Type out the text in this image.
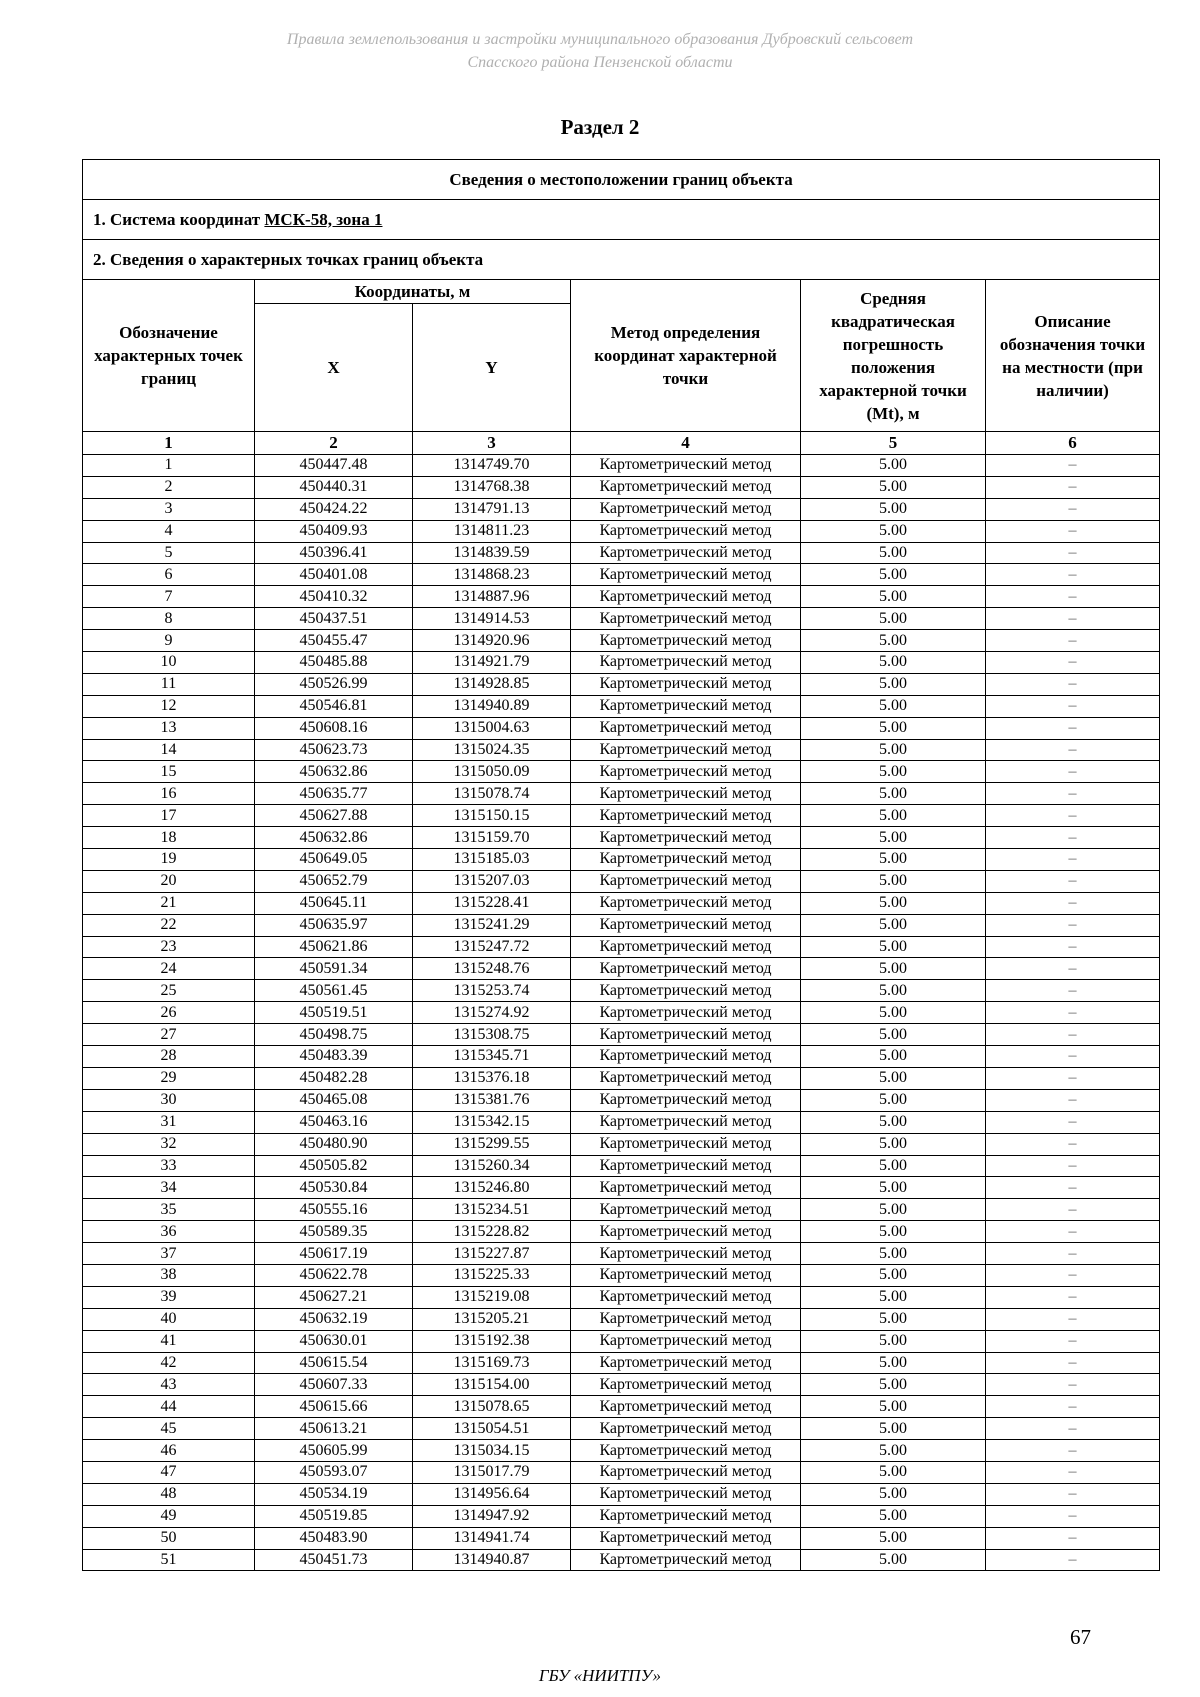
Правила землепользования и застройки муниципального образования Дубровский сельсовет
Спасского района Пензенской области
Раздел 2
Сведения о местоположении границ объекта					
1. Система координат МСК-58, зона 1					
2. Сведения о характерных точках границ объекта					
Обозначение характерных точек границ	Координаты, м		Метод определения координат характерной точки	Средняя квадратическая погрешность положения характерной точки (Mt), м	Описание обозначения точки на местности (при наличии)
	X	Y			
1	2	3	4	5	6
1	450447.48	1314749.70	Картометрический метод	5.00	–
2	450440.31	1314768.38	Картометрический метод	5.00	–
3	450424.22	1314791.13	Картометрический метод	5.00	–
4	450409.93	1314811.23	Картометрический метод	5.00	–
5	450396.41	1314839.59	Картометрический метод	5.00	–
6	450401.08	1314868.23	Картометрический метод	5.00	–
7	450410.32	1314887.96	Картометрический метод	5.00	–
8	450437.51	1314914.53	Картометрический метод	5.00	–
9	450455.47	1314920.96	Картометрический метод	5.00	–
10	450485.88	1314921.79	Картометрический метод	5.00	–
11	450526.99	1314928.85	Картометрический метод	5.00	–
12	450546.81	1314940.89	Картометрический метод	5.00	–
13	450608.16	1315004.63	Картометрический метод	5.00	–
14	450623.73	1315024.35	Картометрический метод	5.00	–
15	450632.86	1315050.09	Картометрический метод	5.00	–
16	450635.77	1315078.74	Картометрический метод	5.00	–
17	450627.88	1315150.15	Картометрический метод	5.00	–
18	450632.86	1315159.70	Картометрический метод	5.00	–
19	450649.05	1315185.03	Картометрический метод	5.00	–
20	450652.79	1315207.03	Картометрический метод	5.00	–
21	450645.11	1315228.41	Картометрический метод	5.00	–
22	450635.97	1315241.29	Картометрический метод	5.00	–
23	450621.86	1315247.72	Картометрический метод	5.00	–
24	450591.34	1315248.76	Картометрический метод	5.00	–
25	450561.45	1315253.74	Картометрический метод	5.00	–
26	450519.51	1315274.92	Картометрический метод	5.00	–
27	450498.75	1315308.75	Картометрический метод	5.00	–
28	450483.39	1315345.71	Картометрический метод	5.00	–
29	450482.28	1315376.18	Картометрический метод	5.00	–
30	450465.08	1315381.76	Картометрический метод	5.00	–
31	450463.16	1315342.15	Картометрический метод	5.00	–
32	450480.90	1315299.55	Картометрический метод	5.00	–
33	450505.82	1315260.34	Картометрический метод	5.00	–
34	450530.84	1315246.80	Картометрический метод	5.00	–
35	450555.16	1315234.51	Картометрический метод	5.00	–
36	450589.35	1315228.82	Картометрический метод	5.00	–
37	450617.19	1315227.87	Картометрический метод	5.00	–
38	450622.78	1315225.33	Картометрический метод	5.00	–
39	450627.21	1315219.08	Картометрический метод	5.00	–
40	450632.19	1315205.21	Картометрический метод	5.00	–
41	450630.01	1315192.38	Картометрический метод	5.00	–
42	450615.54	1315169.73	Картометрический метод	5.00	–
43	450607.33	1315154.00	Картометрический метод	5.00	–
44	450615.66	1315078.65	Картометрический метод	5.00	–
45	450613.21	1315054.51	Картометрический метод	5.00	–
46	450605.99	1315034.15	Картометрический метод	5.00	–
47	450593.07	1315017.79	Картометрический метод	5.00	–
48	450534.19	1314956.64	Картометрический метод	5.00	–
49	450519.85	1314947.92	Картометрический метод	5.00	–
50	450483.90	1314941.74	Картометрический метод	5.00	–
51	450451.73	1314940.87	Картометрический метод	5.00	–
67
ГБУ «НИИТПУ»
